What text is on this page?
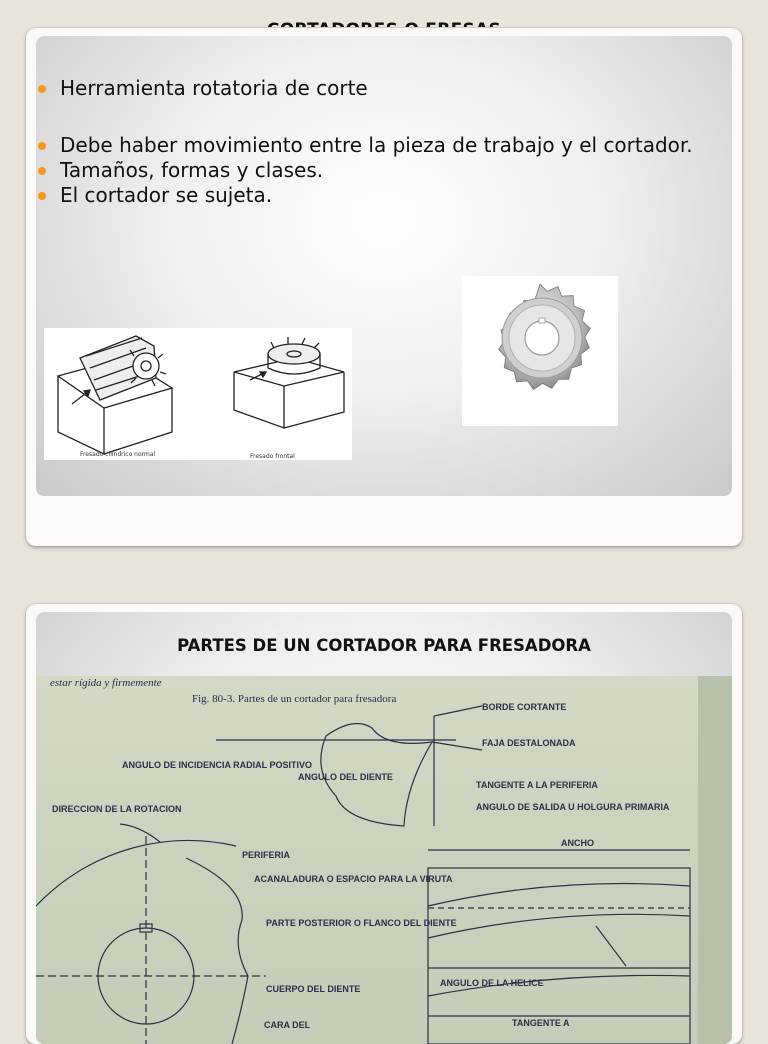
Herramienta rotatoria de corte
Debe haber movimiento entre la pieza de trabajo y el cortador.
Tamaños, formas y clases.
El cortador se sujeta.
Fresado cilíndrico normal	Fresado frontal
PARTES DE UN CORTADOR PARA FRESADORA
estar rígida y firmemente
Fig. 80-3. Partes de un cortador para fresadora
BORDE CORTANTE
FAJA DESTALONADA
TANGENTE A LA PERIFERIA
ANGULO DE SALIDA U HOLGURA PRIMARIA
ANGULO DE INCIDENCIA RADIAL POSITIVO
ANGULO DEL DIENTE
DIRECCION DE LA ROTACION
ANCHO
PERIFERIA
ACANALADURA O ESPACIO PARA LA VIRUTA
PARTE POSTERIOR O FLANCO DEL DIENTE
CUERPO DEL DIENTE
CARA DEL
ANGULO DE LA HELICE
TANGENTE A
